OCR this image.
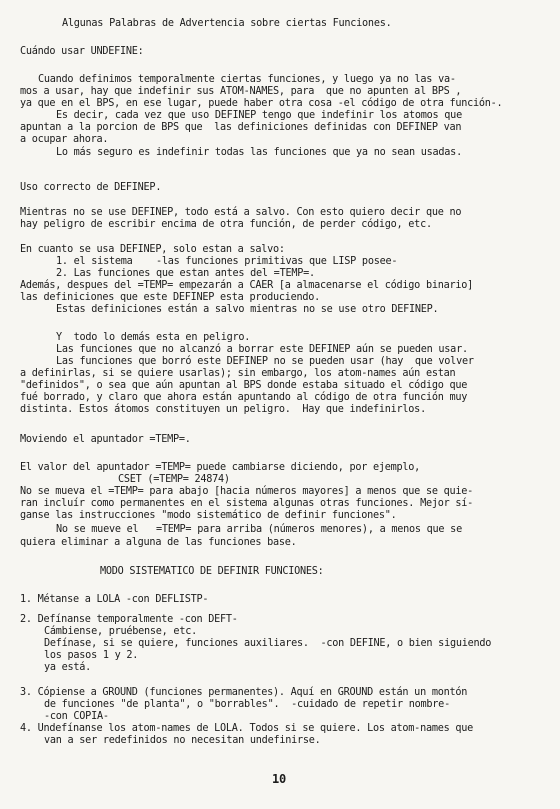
Algunas Palabras de Advertencia sobre ciertas Funciones.
Cuándo usar UNDEFINE:
Cuando definimos temporalmente ciertas funciones, y luego ya no las va-
mos a usar, hay que indefinir sus ATOM-NAMES, para  que no apunten al BPS ,
ya que en el BPS, en ese lugar, puede haber otra cosa -el código de otra función-.
Es decir, cada vez que uso DEFINEP tengo que indefinir los atomos que
apuntan a la porcion de BPS que  las definiciones definidas con DEFINEP van
a ocupar ahora.
Lo más seguro es indefinir todas las funciones que ya no sean usadas.
Uso correcto de DEFINEP.
Mientras no se use DEFINEP, todo está a salvo. Con esto quiero decir que no
hay peligro de escribir encima de otra función, de perder código, etc.
En cuanto se usa DEFINEP, solo estan a salvo:
1. el sistema    -las funciones primitivas que LISP posee-
2. Las funciones que estan antes del =TEMP=.
Además, despues del =TEMP= empezarán a CAER [a almacenarse el código binario]
las definiciones que este DEFINEP esta produciendo.
Estas definiciones están a salvo mientras no se use otro DEFINEP.
Y  todo lo demás esta en peligro.
Las funciones que no alcanzó a borrar este DEFINEP aún se pueden usar.
Las funciones que borró este DEFINEP no se pueden usar (hay  que volver
a definirlas, si se quiere usarlas); sin embargo, los atom-names aún estan
"definidos", o sea que aún apuntan al BPS donde estaba situado el código que
fué borrado, y claro que ahora están apuntando al código de otra función muy
distinta. Estos átomos constituyen un peligro.  Hay que indefinirlos.
Moviendo el apuntador =TEMP=.
El valor del apuntador =TEMP= puede cambiarse diciendo, por ejemplo,
CSET (=TEMP= 24874)
No se mueva el =TEMP= para abajo [hacia números mayores] a menos que se quie-
ran incluír como permanentes en el sistema algunas otras funciones. Mejor sí-
ganse las instrucciones "modo sistemático de definir funciones".
No se mueve el   =TEMP= para arriba (números menores), a menos que se
quiera eliminar a alguna de las funciones base.
MODO SISTEMATICO DE DEFINIR FUNCIONES:
1. Métanse a LOLA -con DEFLISTP-
2. Defínanse temporalmente -con DEFT-
Cámbiense, pruébense, etc.
Defínase, si se quiere, funciones auxiliares.  -con DEFINE, o bien siguiendo
los pasos 1 y 2.
ya está.
3. Cópiense a GROUND (funciones permanentes). Aquí en GROUND están un montón
de funciones "de planta", o "borrables".  -cuidado de repetir nombre-
-con COPIA-
4. Undefínanse los atom-names de LOLA. Todos si se quiere. Los atom-names que
van a ser redefinidos no necesitan undefinirse.
10
